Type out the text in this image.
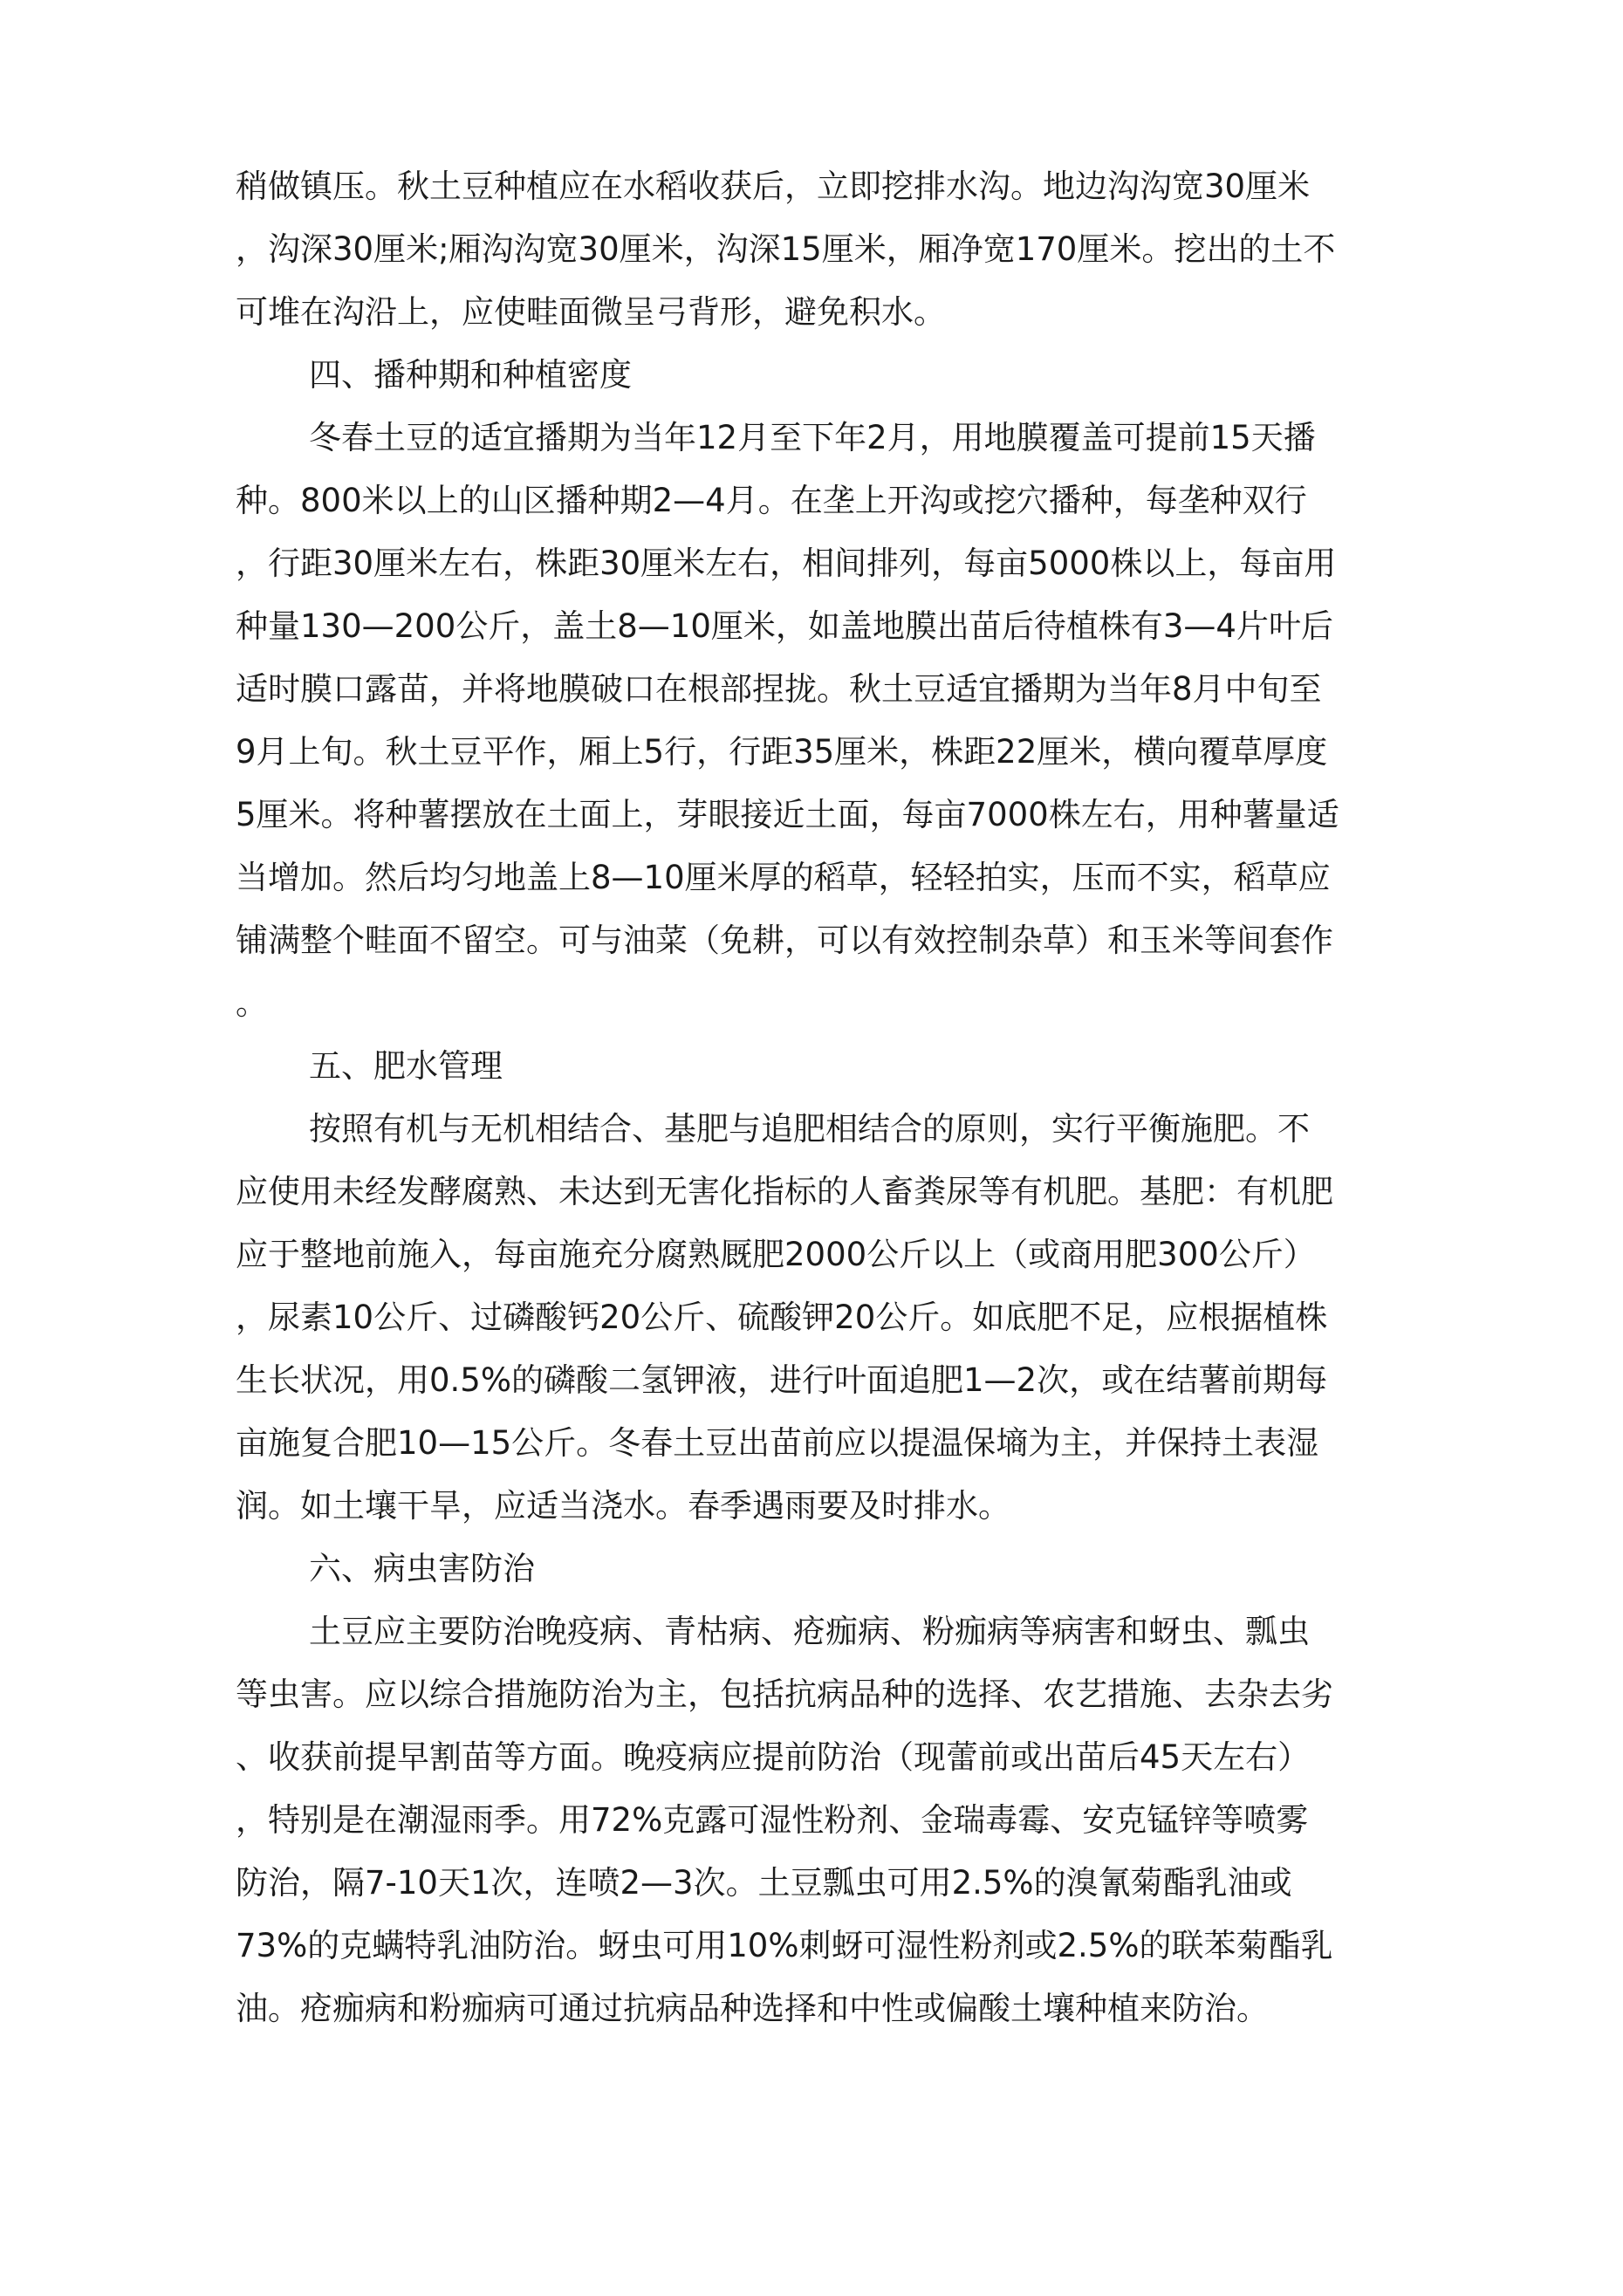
稍做镇压。秋土豆种植应在水稻收获后，立即挖排水沟。地边沟沟宽30厘米
，沟深30厘米;厢沟沟宽30厘米，沟深15厘米，厢净宽170厘米。挖出的土不
可堆在沟沿上，应使畦面微呈弓背形，避免积水。
四、播种期和种植密度
冬春土豆的适宜播期为当年12月至下年2月，用地膜覆盖可提前15天播
种。800米以上的山区播种期2—4月。在垄上开沟或挖穴播种，每垄种双行
，行距30厘米左右，株距30厘米左右，相间排列，每亩5000株以上，每亩用
种量130—200公斤，盖土8—10厘米，如盖地膜出苗后待植株有3—4片叶后
适时膜口露苗，并将地膜破口在根部捏拢。秋土豆适宜播期为当年8月中旬至
9月上旬。秋土豆平作，厢上5行，行距35厘米，株距22厘米，横向覆草厚度
5厘米。将种薯摆放在土面上，芽眼接近土面，每亩7000株左右，用种薯量适
当增加。然后均匀地盖上8—10厘米厚的稻草，轻轻拍实，压而不实，稻草应
铺满整个畦面不留空。可与油菜（免耕，可以有效控制杂草）和玉米等间套作
。
五、肥水管理
按照有机与无机相结合、基肥与追肥相结合的原则，实行平衡施肥。不
应使用未经发酵腐熟、未达到无害化指标的人畜粪尿等有机肥。基肥：有机肥
应于整地前施入，每亩施充分腐熟厩肥2000公斤以上（或商用肥300公斤）
，尿素10公斤、过磷酸钙20公斤、硫酸钾20公斤。如底肥不足，应根据植株
生长状况，用0.5%的磷酸二氢钾液，进行叶面追肥1—2次，或在结薯前期每
亩施复合肥10—15公斤。冬春土豆出苗前应以提温保墒为主，并保持土表湿
润。如土壤干旱，应适当浇水。春季遇雨要及时排水。
六、病虫害防治
土豆应主要防治晚疫病、青枯病、疮痂病、粉痂病等病害和蚜虫、瓢虫
等虫害。应以综合措施防治为主，包括抗病品种的选择、农艺措施、去杂去劣
、收获前提早割苗等方面。晚疫病应提前防治（现蕾前或出苗后45天左右）
，特别是在潮湿雨季。用72%克露可湿性粉剂、金瑞毒霉、安克锰锌等喷雾
防治，隔7-10天1次，连喷2—3次。土豆瓢虫可用2.5%的溴氰菊酯乳油或
73%的克螨特乳油防治。蚜虫可用10%刺蚜可湿性粉剂或2.5%的联苯菊酯乳
油。疮痂病和粉痂病可通过抗病品种选择和中性或偏酸土壤种植来防治。
